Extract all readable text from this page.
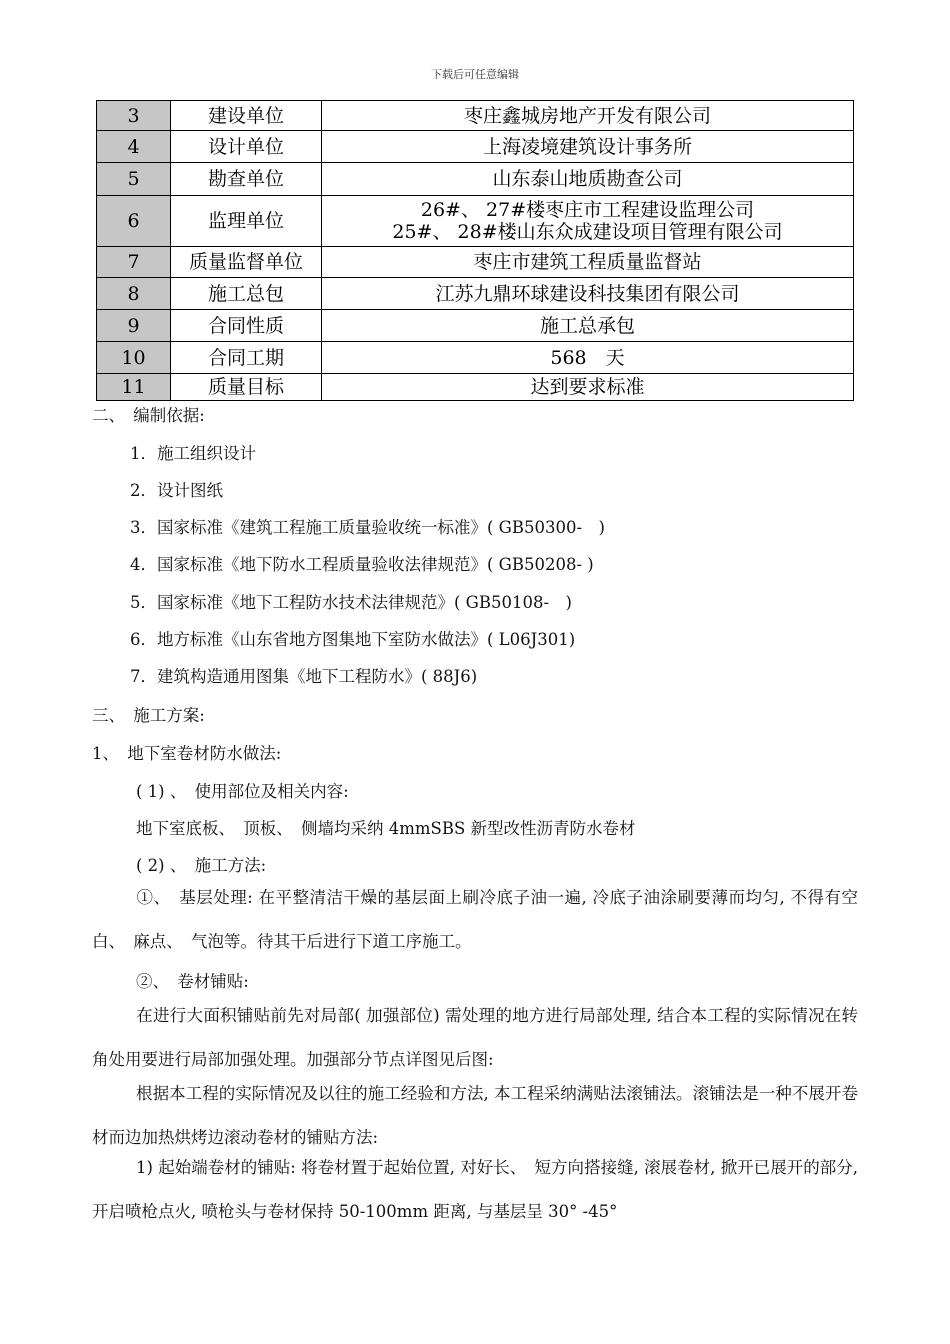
下载后可任意编辑
3	建设单位	枣庄鑫城房地产开发有限公司
4	设计单位	上海凌境建筑设计事务所
5	勘查单位	山东泰山地质勘查公司
6	监理单位	26#、 27#楼枣庄市工程建设监理公司
25#、 28#楼山东众成建设项目管理有限公司

7	质量监督单位	枣庄市建筑工程质量监督站
8	施工总包	江苏九鼎环球建设科技集团有限公司
9	合同性质	施工总承包
10	合同工期	568　天
11	质量目标	达到要求标准
二、　编制依据:
1．施工组织设计
2．设计图纸
3．国家标准《建筑工程施工质量验收统一标准》( GB50300-　)
4．国家标准《地下防水工程质量验收法律规范》( GB50208- )
5．国家标准《地下工程防水技术法律规范》( GB50108-　)
6．地方标准《山东省地方图集地下室防水做法》( L06J301)
7．建筑构造通用图集《地下工程防水》( 88J6)
三、　施工方案:
1、　地下室卷材防水做法:
( 1) 、　使用部位及相关内容:
地下室底板、　顶板、　侧墙均采纳 4mmSBS 新型改性沥青防水卷材
( 2) 、　施工方法:
①、　基层处理: 在平整清洁干燥的基层面上刷冷底子油一遍, 冷底子油涂刷要薄而均匀, 不得有空白、　麻点、　气泡等。待其干后进行下道工序施工。
②、　卷材铺贴:
在进行大面积铺贴前先对局部( 加强部位) 需处理的地方进行局部处理, 结合本工程的实际情况在转角处用要进行局部加强处理。加强部分节点详图见后图:
根据本工程的实际情况及以往的施工经验和方法, 本工程采纳满贴法滚铺法。滚铺法是一种不展开卷材而边加热烘烤边滚动卷材的铺贴方法:
1) 起始端卷材的铺贴: 将卷材置于起始位置, 对好长、　短方向搭接缝, 滚展卷材, 掀开已展开的部分, 开启喷枪点火, 喷枪头与卷材保持 50-100mm 距离, 与基层呈 30° -45°
